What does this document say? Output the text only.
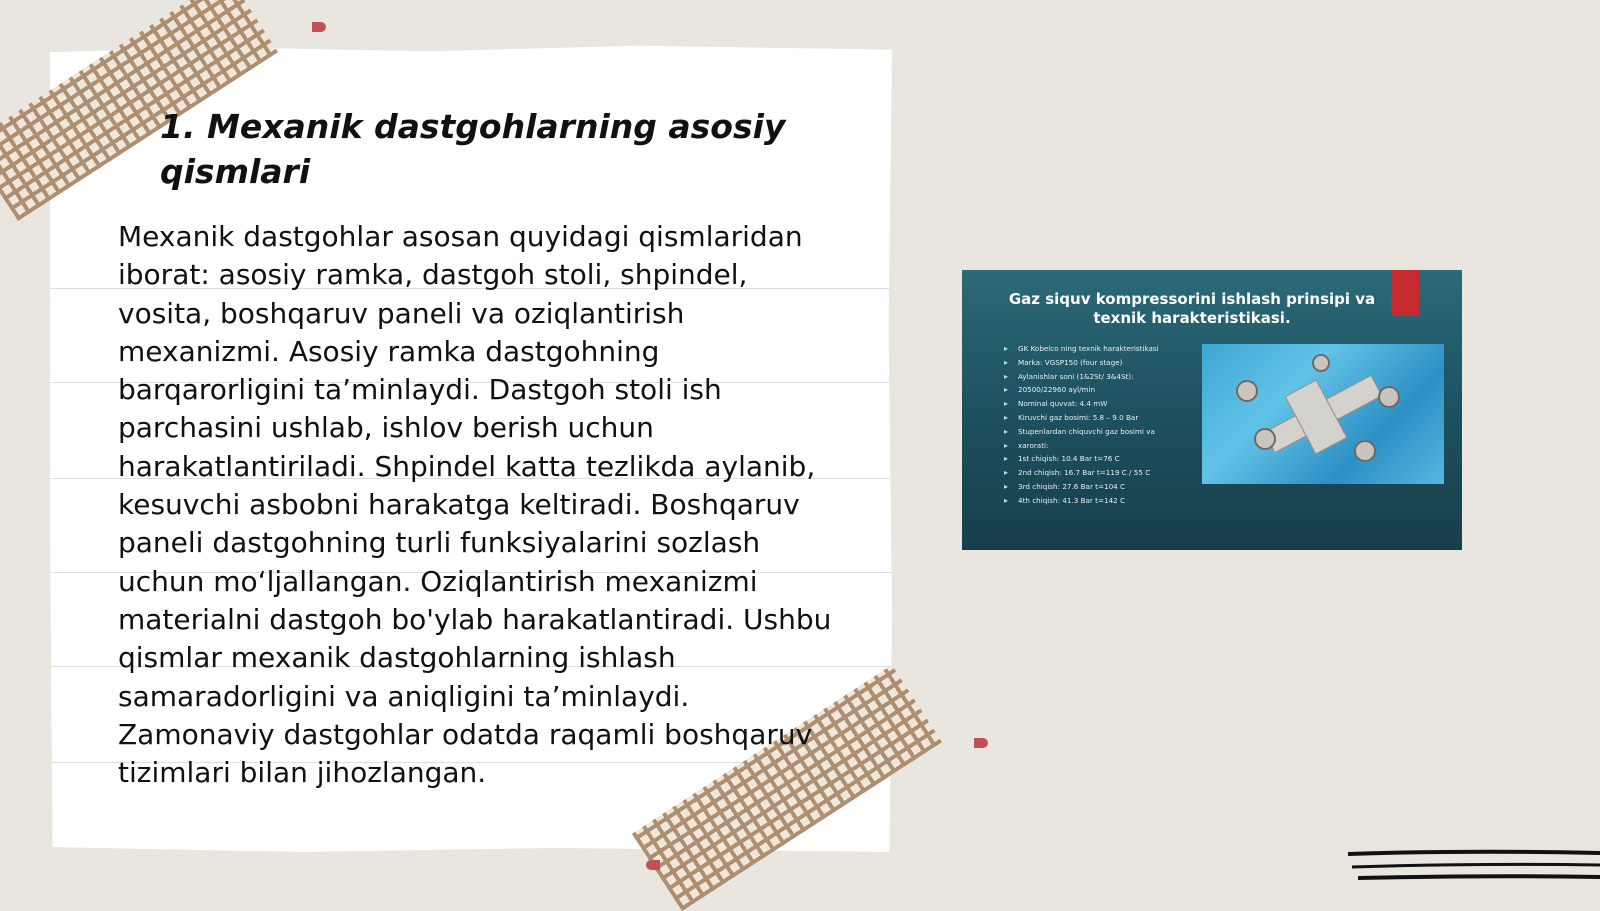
1. Mexanik dastgohlarning asosiy qismlari

Mexanik dastgohlar asosan quyidagi qismlaridan iborat: asosiy ramka, dastgoh stoli, shpindel, vosita, boshqaruv paneli va oziqlantirish mexanizmi. Asosiy ramka dastgohning barqarorligini ta’minlaydi. Dastgoh stoli ish parchasini ushlab, ishlov berish uchun harakatlantiriladi. Shpindel katta tezlikda aylanib, kesuvchi asbobni harakatga keltiradi. Boshqaruv paneli dastgohning turli funksiyalarini sozlash uchun mo‘ljallangan. Oziqlantirish mexanizmi materialni dastgoh bo'ylab harakatlantiradi. Ushbu qismlar mexanik dastgohlarning ishlash samaradorligini va aniqligini ta’minlaydi. Zamonaviy dastgohlar odatda raqamli boshqaruv tizimlari bilan jihozlangan.

Gaz siquv kompressorini ishlash prinsipi va texnik harakteristikasi.
▸ GK Kobelco ning texnik harakteristikasi
▸ Marka: VGSP150 (four stage)
▸ Aylanishlar soni (1&2St/ 3&4St):
▸ 20500/22960 ayl/min
▸ Nominal quvvat: 4.4 mW
▸ Kiruvchi gaz bosimi: 5.8 – 9.0 Bar
▸ Stupenlardan chiquvchi gaz bosimi va
▸ xarorati:
▸ 1st chiqish: 10.4 Bar t=76 C
▸ 2nd chiqish: 16.7 Bar t=119 C / 55 C
▸ 3rd chiqish: 27.6 Bar t=104 C
▸ 4th chiqish: 41.3 Bar t=142 C
